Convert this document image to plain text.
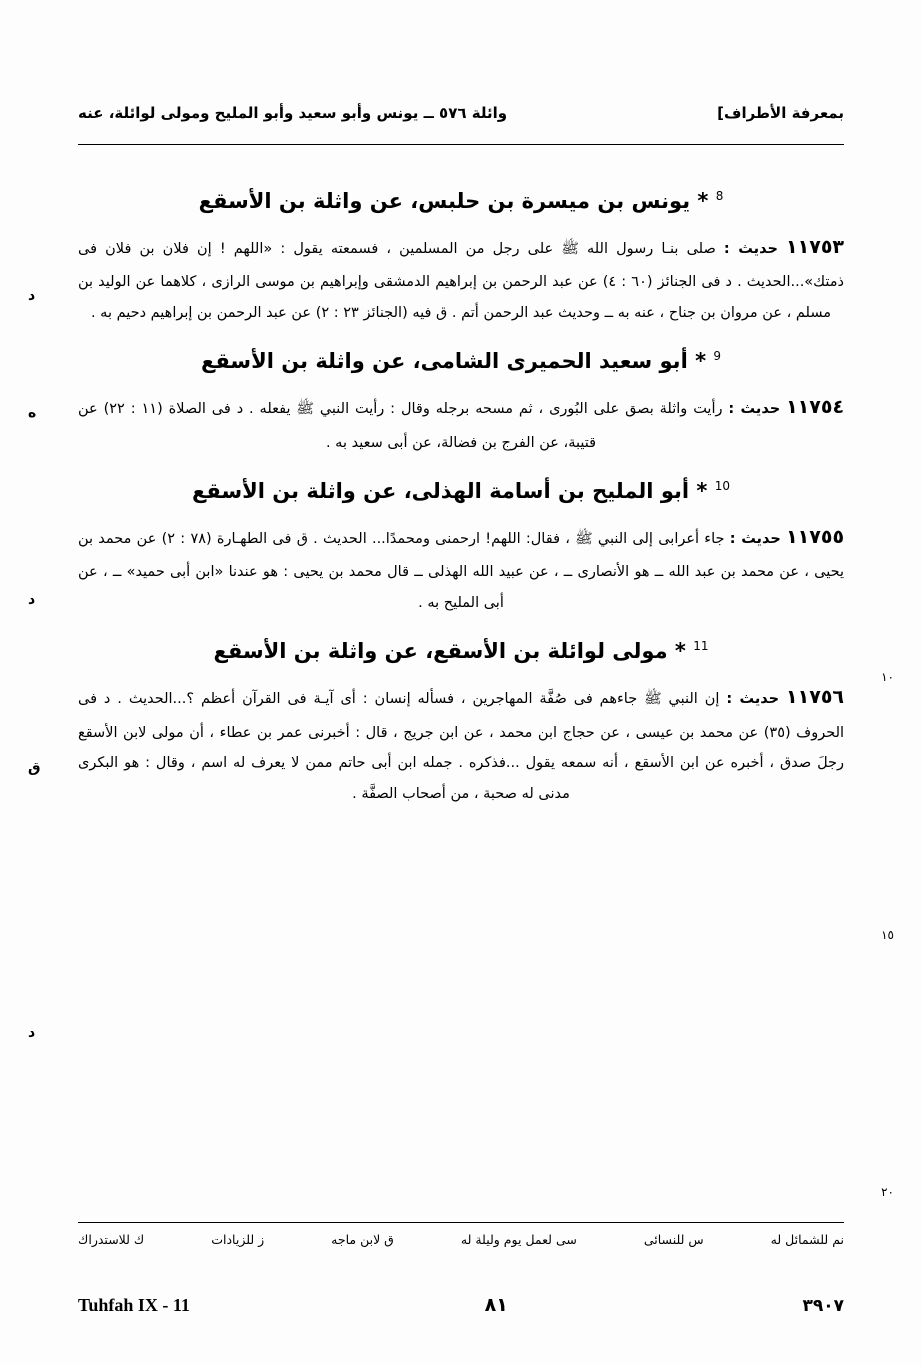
بمعرفة الأطراف]
وائلة ٥٧٦ ــ يونس وأبو سعيد وأبو المليح ومولى لوائلة، عنه
١٠
١٥
٢٠
$^8$ * يونس بن ميسرة بن حلبس، عن واثلة بن الأسقع
١١٧٥٣ حديث : صلى بنـا رسول الله ﷺ على رجل من المسلمين ، فسمعته يقول : «اللهم ! إن فلان بن فلان فى ذمتك»...الحديث . د فى الجنائز (٦٠ : ٤) عن عبد الرحمن بن إبراهيم الدمشقى وإبراهيم بن موسى الرازى ، كلاهما عن الوليد بن مسلم ، عن مروان بن جناح ، عنه به ــ وحديث عبد الرحمن أتم . ق فيه (الجنائز ٢٣ : ٢) عن عبد الرحمن بن إبراهيم دحيم به .
$^9$ * أبو سعيد الحميرى الشامى، عن واثلة بن الأسقع
١١٧٥٤ حديث : رأيت واثلة بصق على البُورى ، ثم مسحه برجله وقال : رأيت النبي ﷺ يفعله . د فى الصلاة (١١ : ٢٢) عن قتيبة، عن الفرج بن فضالة، عن أبى سعيد به .
$^{10}$ * أبو المليح بن أسامة الهذلى، عن واثلة بن الأسقع
١١٧٥٥ حديث : جاء أعرابى إلى النبي ﷺ ، فقال: اللهم! ارحمنى ومحمدًا... الحديث . ق فى الطهـارة (٧٨ : ٢) عن محمد بن يحيى ، عن محمد بن عبد الله ــ هو الأنصارى ــ ، عن عبيد الله الهذلى ــ قال محمد بن يحيى : هو عندنا «ابن أبى حميد» ــ ، عن أبى المليح به .
$^{11}$ * مولى لوائلة بن الأسقع، عن واثلة بن الأسقع
١١٧٥٦ حديث : إن النبي ﷺ جاءهم فى صُفَّة المهاجرين ، فسأله إنسان : أى آيـة فى القرآن أعظم ؟...الحديث . د فى الحروف (٣٥) عن محمد بن عيسى ، عن حجاج ابن محمد ، عن ابن جريج ، قال : أخبرنى عمر بن عطاء ، أن مولى لابن الأسقع رجلَ صدق ، أخبره عن ابن الأسقع ، أنه سمعه يقول ...فذكره . جمله ابن أبى حاتم ممن لا يعرف له اسم ، وقال : هو البكرى مدنى له صحبة ، من أصحاب الصفَّة .
د
ه
د
ق
د
نم للشمائل له
س للنسائى
سى لعمل يوم وليلة له
ق لابن ماجه
ز للزيادات
ك للاستدراك
٣٩٠٧
٨١
Tuhfah IX - 11
